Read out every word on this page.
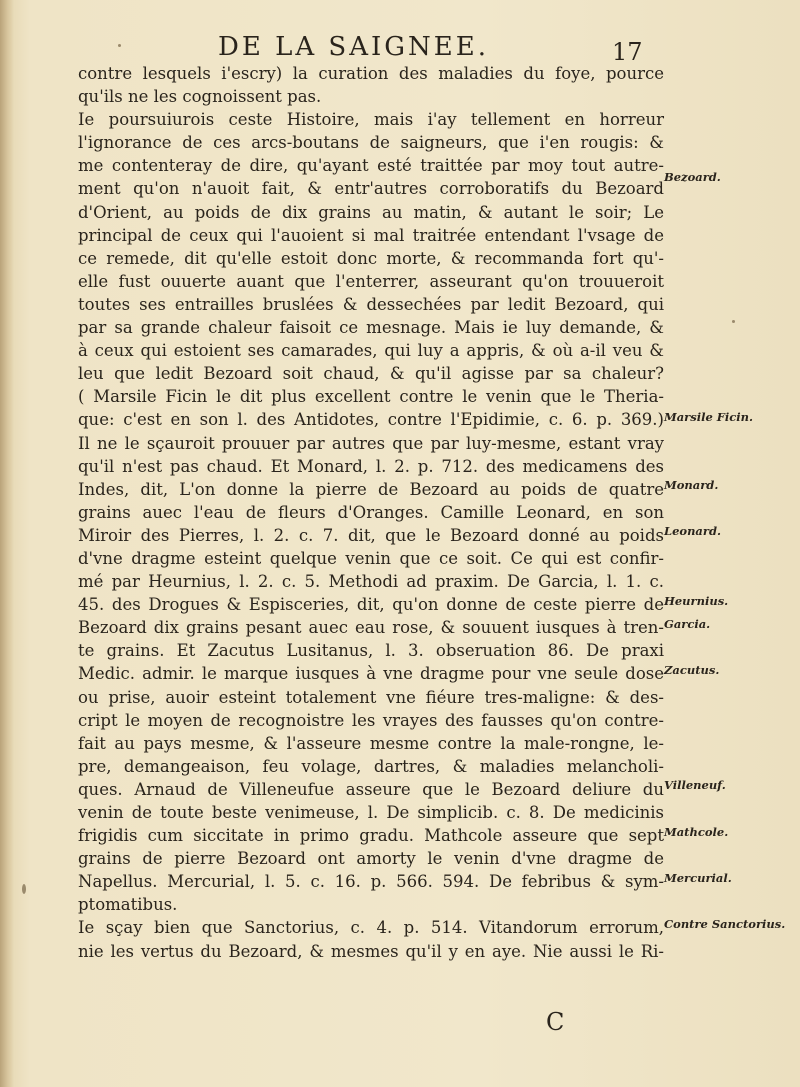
DE LA SAIGNEE.	17
contre lesquels i'escry) la curation des maladies du foye, pource
qu'ils ne les cognoissent pas.
Ie poursuiurois ceste Histoire, mais i'ay tellement en horreur
l'ignorance de ces arcs-boutans de saigneurs, que i'en rougis: &
me contenteray de dire, qu'ayant esté traittée par moy tout autre-
ment qu'on n'auoit fait, & entr'autres corroboratifs du Bezoard
d'Orient, au poids de dix grains au matin, & autant le soir; Le
principal de ceux qui l'auoient si mal traitrée entendant l'vsage de
ce remede, dit qu'elle estoit donc morte, & recommanda fort qu'-
elle fust ouuerte auant que l'enterrer, asseurant qu'on trouueroit
toutes ses entrailles bruslées & dessechées par ledit Bezoard, qui
par sa grande chaleur faisoit ce mesnage. Mais ie luy demande, &
à ceux qui estoient ses camarades, qui luy a appris, & où a-il veu &
leu que ledit Bezoard soit chaud, & qu'il agisse par sa chaleur?
( Marsile Ficin le dit plus excellent contre le venin que le Theria-
que: c'est en son l. des Antidotes, contre l'Epidimie, c. 6. p. 369.)
Il ne le sçauroit prouuer par autres que par luy-mesme, estant vray
qu'il n'est pas chaud. Et Monard, l. 2. p. 712. des medicamens des
Indes, dit, L'on donne la pierre de Bezoard au poids de quatre
grains auec l'eau de fleurs d'Oranges. Camille Leonard, en son
Miroir des Pierres, l. 2. c. 7. dit, que le Bezoard donné au poids
d'vne dragme esteint quelque venin que ce soit. Ce qui est confir-
mé par Heurnius, l. 2. c. 5. Methodi ad praxim. De Garcia, l. 1. c.
45. des Drogues & Espisceries, dit, qu'on donne de ceste pierre de
Bezoard dix grains pesant auec eau rose, & souuent iusques à tren-
te grains. Et Zacutus Lusitanus, l. 3. obseruation 86. De praxi
Medic. admir. le marque iusques à vne dragme pour vne seule dose
ou prise, auoir esteint totalement vne fiéure tres-maligne: & des-
cript le moyen de recognoistre les vrayes des fausses qu'on contre-
fait au pays mesme, & l'asseure mesme contre la male-rongne, le-
pre, demangeaison, feu volage, dartres, & maladies melancholi-
ques. Arnaud de Villeneufue asseure que le Bezoard deliure du
venin de toute beste venimeuse, l. De simplicib. c. 8. De medicinis
frigidis cum siccitate in primo gradu. Mathcole asseure que sept
grains de pierre Bezoard ont amorty le venin d'vne dragme de
Napellus. Mercurial, l. 5. c. 16. p. 566. 594. De febribus & sym-
ptomatibus.
Ie sçay bien que Sanctorius, c. 4. p. 514. Vitandorum errorum,
nie les vertus du Bezoard, & mesmes qu'il y en aye. Nie aussi le Ri-
Bezoard.
Marsile Ficin.
Monard.
Leonard.
Heurnius.
Garcia.
Zacutus.
Villeneuf.
Mathcole.
Mercurial.
Contre Sanctorius.
C
